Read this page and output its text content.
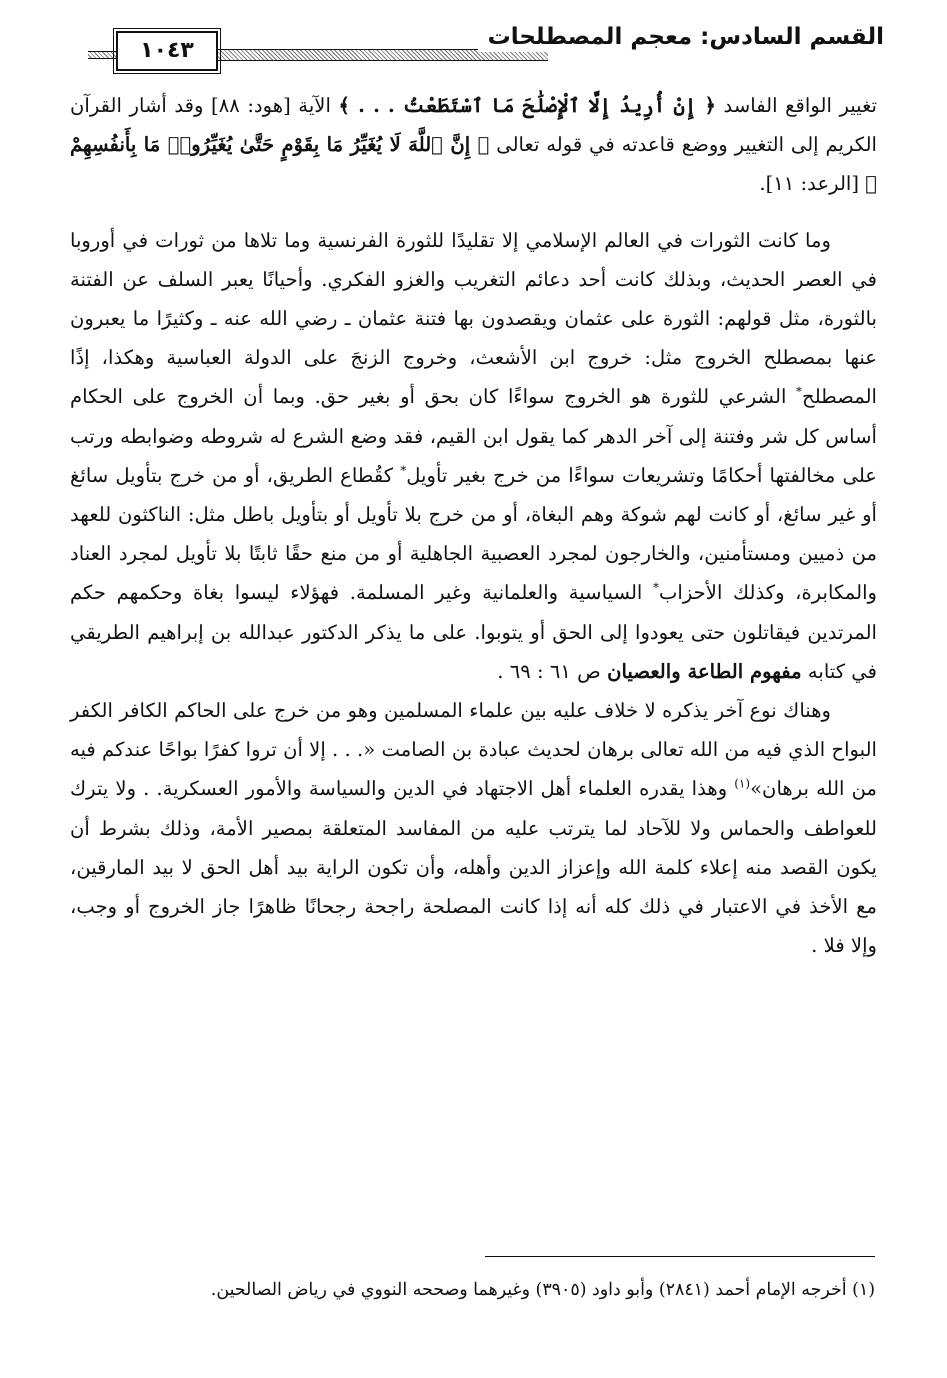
القسم السادس: معجم المصطلحات
١٠٤٣

تغيير الواقع الفاسد ﴿ إِنْ أُرِيدُ إِلَّا ٱلْإِصْلَٰحَ مَا ٱسْتَطَعْتُ . . . ﴾ الآية [هود: ٨٨] وقد أشار القرآن الكريم إلى التغيير ووضع قاعدته في قوله تعالى ﴿ إِنَّ ٱللَّهَ لَا يُغَيِّرُ مَا بِقَوْمٍ حَتَّىٰ يُغَيِّرُوا۟ مَا بِأَنفُسِهِمْ ﴾ [الرعد: ١١].

وما كانت الثورات في العالم الإسلامي إلا تقليدًا للثورة الفرنسية وما تلاها من ثورات في أوروبا في العصر الحديث، وبذلك كانت أحد دعائم التغريب والغزو الفكري. وأحيانًا يعبر السلف عن الفتنة بالثورة، مثل قولهم: الثورة على عثمان ويقصدون بها فتنة عثمان ـ رضي الله عنه ـ وكثيرًا ما يعبرون عنها بمصطلح الخروج مثل: خروج ابن الأشعث، وخروج الزنجَ على الدولة العباسية وهكذا، إذًا المصطلح* الشرعي للثورة هو الخروج سواءًا كان بحق أو بغير حق. وبما أن الخروج على الحكام أساس كل شر وفتنة إلى آخر الدهر كما يقول ابن القيم، فقد وضع الشرع له شروطه وضوابطه ورتب على مخالفتها أحكامًا وتشريعات سواءًا من خرج بغير تأويل* كقُطاع الطريق، أو من خرج بتأويل سائغ أو غير سائغ، أو كانت لهم شوكة وهم البغاة، أو من خرج بلا تأويل أو بتأويل باطل مثل: الناكثون للعهد من ذميين ومستأمنين، والخارجون لمجرد العصبية الجاهلية أو من منع حقًا ثابتًا بلا تأويل لمجرد العناد والمكابرة، وكذلك الأحزاب* السياسية والعلمانية وغير المسلمة. فهؤلاء ليسوا بغاة وحكمهم حكم المرتدين فيقاتلون حتى يعودوا إلى الحق أو يتوبوا. على ما يذكر الدكتور عبدالله بن إبراهيم الطريقي في كتابه مفهوم الطاعة والعصيان ص ٦١ : ٦٩ .

وهناك نوع آخر يذكره لا خلاف عليه بين علماء المسلمين وهو من خرج على الحاكم الكافر الكفر البواح الذي فيه من الله تعالى برهان لحديث عبادة بن الصامت «. . . إلا أن تروا كفرًا بواحًا عندكم فيه من الله برهان»$^{(١)}$ وهذا يقدره العلماء أهل الاجتهاد في الدين والسياسة والأمور العسكرية. . ولا يترك للعواطف والحماس ولا للآحاد لما يترتب عليه من المفاسد المتعلقة بمصير الأمة، وذلك بشرط أن يكون القصد منه إعلاء كلمة الله وإعزاز الدين وأهله، وأن تكون الراية بيد أهل الحق لا بيد المارقين، مع الأخذ في الاعتبار في ذلك كله أنه إذا كانت المصلحة راجحة رجحانًا ظاهرًا جاز الخروج أو وجب، وإلا فلا .

(١) أخرجه الإمام أحمد (٢٨٤١) وأبو داود (٣٩٠٥) وغيرهما وصححه النووي في رياض الصالحين.
